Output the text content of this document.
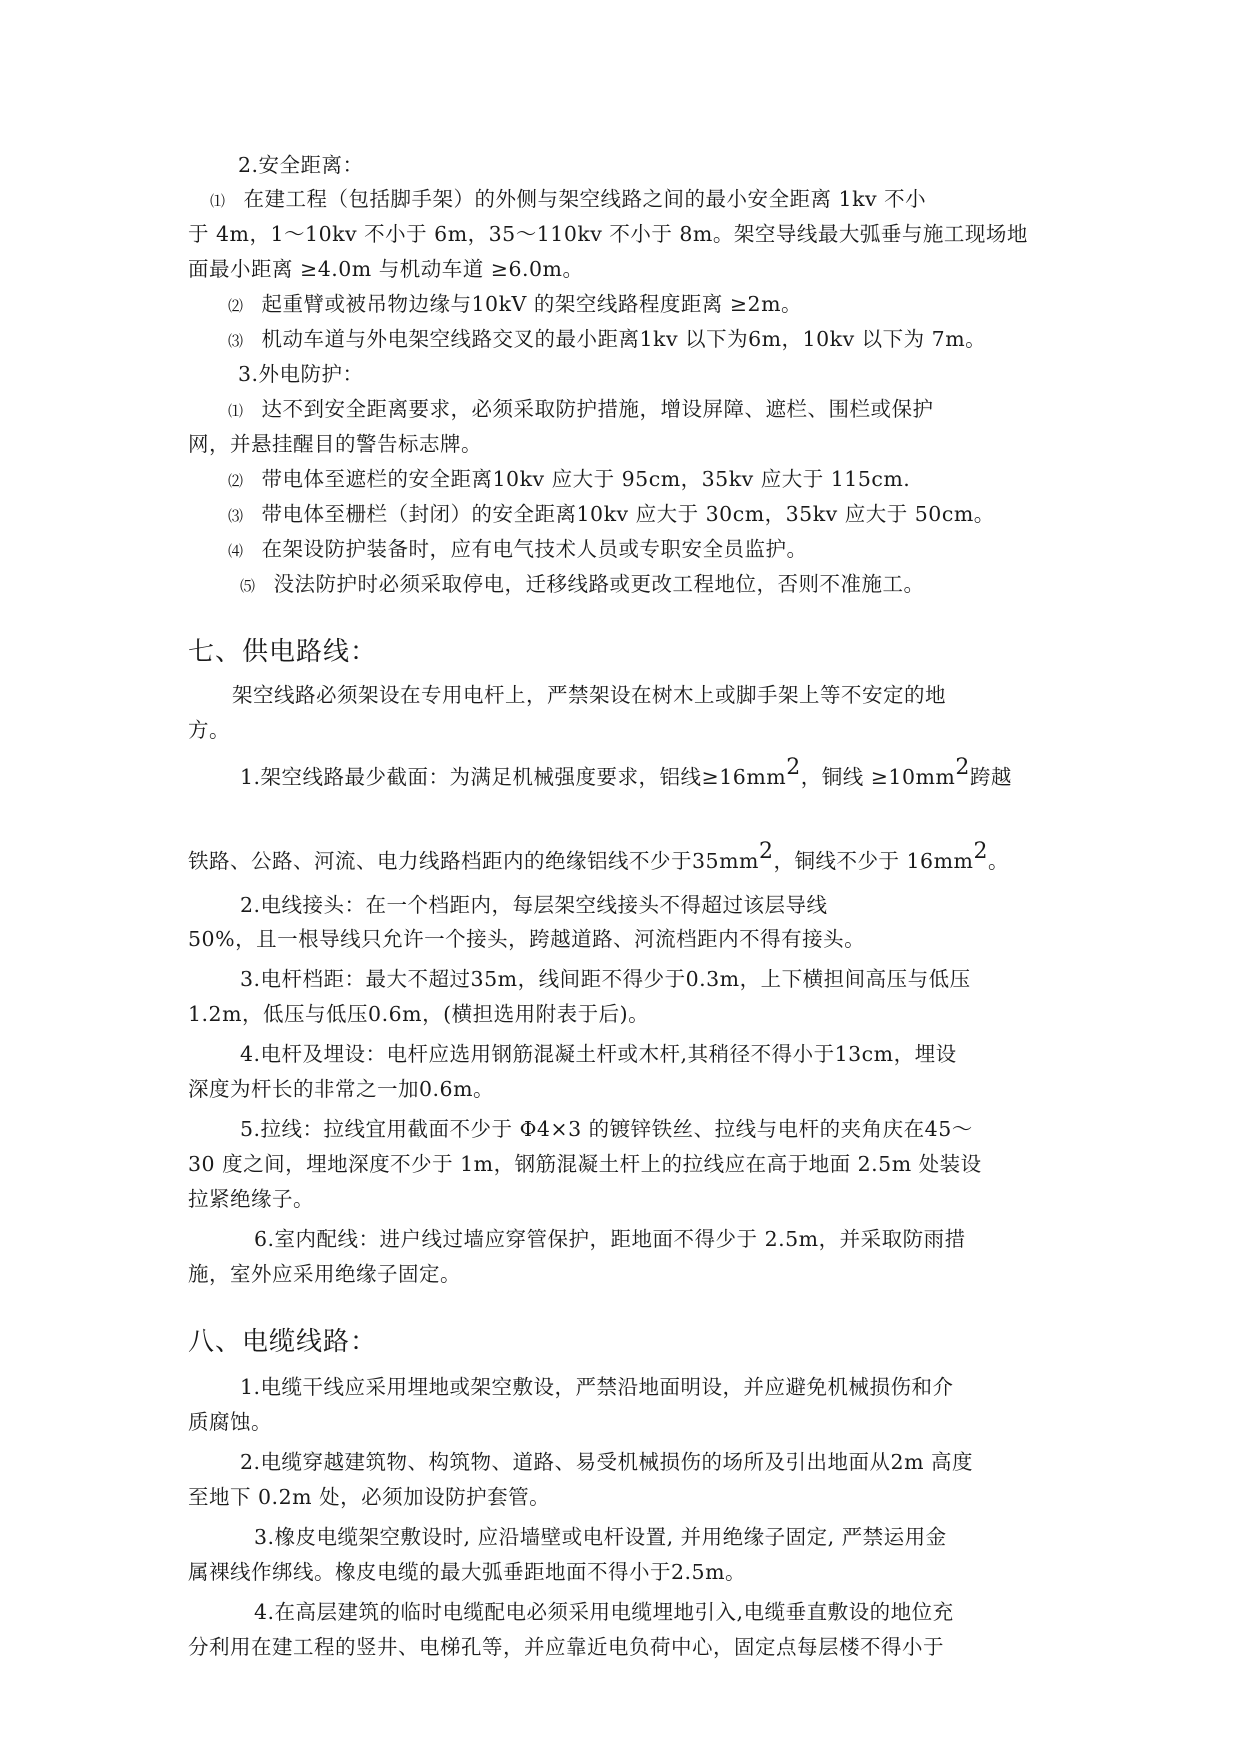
2.安全距离：

⑴ 在建工程（包括脚手架）的外侧与架空线路之间的最小安全距离 1kv 不小

于 4m，1～10kv 不小于 6m，35～110kv 不小于 8m。架空导线最大弧垂与施工现场地

面最小距离 ≥4.0m 与机动车道 ≥6.0m。

⑵ 起重臂或被吊物边缘与10kV 的架空线路程度距离 ≥2m。

⑶ 机动车道与外电架空线路交叉的最小距离1kv 以下为6m，10kv 以下为 7m。

3.外电防护：

⑴ 达不到安全距离要求，必须采取防护措施，增设屏障、遮栏、围栏或保护

网，并悬挂醒目的警告标志牌。

⑵ 带电体至遮栏的安全距离10kv 应大于 95cm，35kv 应大于 115cm.

⑶ 带电体至栅栏（封闭）的安全距离10kv 应大于 30cm，35kv 应大于 50cm。

⑷ 在架设防护装备时，应有电气技术人员或专职安全员监护。

⑸ 没法防护时必须采取停电，迁移线路或更改工程地位，否则不准施工。

七、供电路线：

架空线路必须架设在专用电杆上，严禁架设在树木上或脚手架上等不安定的地

方。

1.架空线路最少截面：为满足机械强度要求，铝线$\ge 16mm^2$，铜线 $\ge 10mm^2$跨越

铁路、公路、河流、电力线路档距内的绝缘铝线不少于$35mm^2$，铜线不少于 $16mm^2$。

2.电线接头：在一个档距内，每层架空线接头不得超过该层导线

50%，且一根导线只允许一个接头，跨越道路、河流档距内不得有接头。

3.电杆档距：最大不超过35m，线间距不得少于0.3m，上下横担间高压与低压

1.2m，低压与低压0.6m，(横担选用附表于后)。

4.电杆及埋设：电杆应选用钢筋混凝土杆或木杆,其稍径不得小于13cm，埋设

深度为杆长的非常之一加0.6m。

5.拉线：拉线宜用截面不少于 Φ4×3 的镀锌铁丝、拉线与电杆的夹角庆在45～

30 度之间，埋地深度不少于 1m，钢筋混凝土杆上的拉线应在高于地面 2.5m 处装设

拉紧绝缘子。

6.室内配线：进户线过墙应穿管保护，距地面不得少于 2.5m，并采取防雨措

施，室外应采用绝缘子固定。

八、电缆线路：

1.电缆干线应采用埋地或架空敷设，严禁沿地面明设，并应避免机械损伤和介

质腐蚀。

2.电缆穿越建筑物、构筑物、道路、易受机械损伤的场所及引出地面从2m 高度

至地下 0.2m 处，必须加设防护套管。

3.橡皮电缆架空敷设时, 应沿墙壁或电杆设置, 并用绝缘子固定, 严禁运用金

属裸线作绑线。橡皮电缆的最大弧垂距地面不得小于2.5m。

4.在高层建筑的临时电缆配电必须采用电缆埋地引入,电缆垂直敷设的地位充

分利用在建工程的竖井、电梯孔等，并应靠近电负荷中心，固定点每层楼不得小于
